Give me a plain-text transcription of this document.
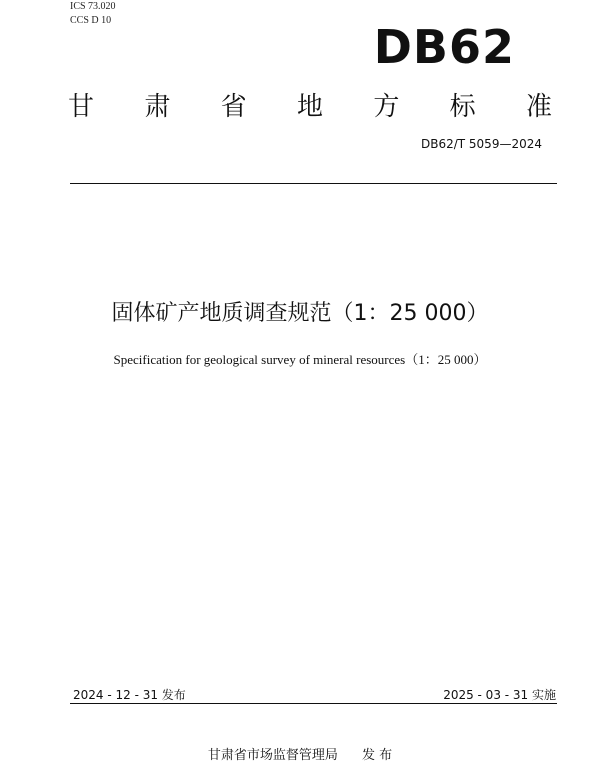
ICS 73.020
CCS D 10	DB62
甘 肃 省 地 方 标 准
DB62/T 5059—2024
固体矿产地质调查规范（1：25 000）
Specification for geological survey of mineral resources（1：25 000）
2024 - 12 - 31 发布	2025 - 03 - 31 实施
甘肃省市场监督管理局 发 布
